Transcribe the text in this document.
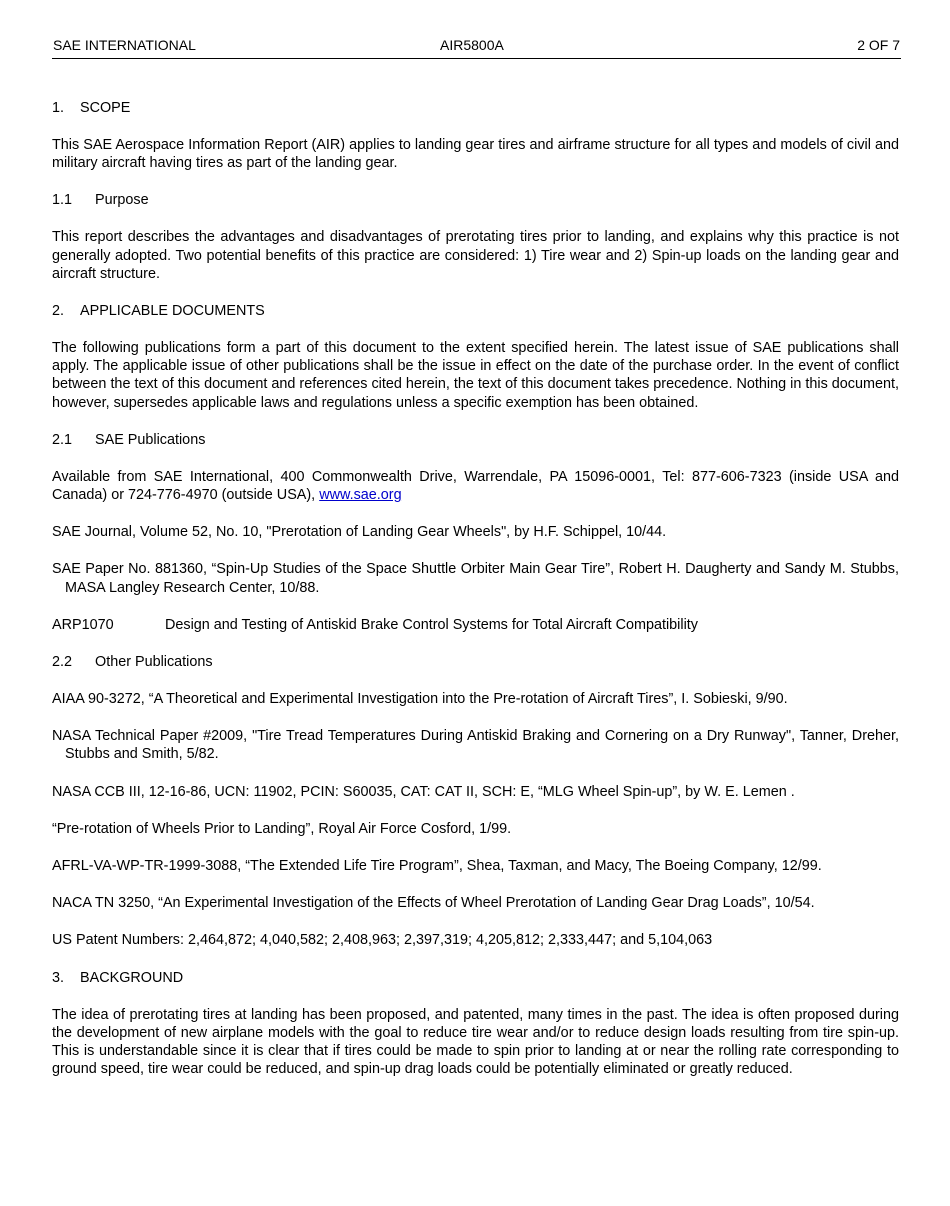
SAE INTERNATIONAL	AIR5800A	2 OF 7

1. SCOPE

This SAE Aerospace Information Report (AIR) applies to landing gear tires and airframe structure for all types and models of civil and military aircraft having tires as part of the landing gear.

1.1 Purpose

This report describes the advantages and disadvantages of prerotating tires prior to landing, and explains why this practice is not generally adopted. Two potential benefits of this practice are considered: 1) Tire wear and 2) Spin-up loads on the landing gear and aircraft structure.

2. APPLICABLE DOCUMENTS

The following publications form a part of this document to the extent specified herein. The latest issue of SAE publications shall apply. The applicable issue of other publications shall be the issue in effect on the date of the purchase order. In the event of conflict between the text of this document and references cited herein, the text of this document takes precedence. Nothing in this document, however, supersedes applicable laws and regulations unless a specific exemption has been obtained.

2.1 SAE Publications

Available from SAE International, 400 Commonwealth Drive, Warrendale, PA 15096-0001, Tel: 877-606-7323 (inside USA and Canada) or 724-776-4970 (outside USA), www.sae.org

SAE Journal, Volume 52, No. 10, "Prerotation of Landing Gear Wheels", by H.F. Schippel, 10/44.

SAE Paper No. 881360, “Spin-Up Studies of the Space Shuttle Orbiter Main Gear Tire”, Robert H. Daugherty and Sandy M. Stubbs, MASA Langley Research Center, 10/88.

ARP1070	Design and Testing of Antiskid Brake Control Systems for Total Aircraft Compatibility

2.2 Other Publications

AIAA 90-3272, “A Theoretical and Experimental Investigation into the Pre-rotation of Aircraft Tires”, I. Sobieski, 9/90.

NASA Technical Paper #2009, "Tire Tread Temperatures During Antiskid Braking and Cornering on a Dry Runway", Tanner, Dreher, Stubbs and Smith, 5/82.

NASA CCB III, 12-16-86, UCN: 11902, PCIN: S60035, CAT: CAT II, SCH: E, “MLG Wheel Spin-up”, by W. E. Lemen .

“Pre-rotation of Wheels Prior to Landing”, Royal Air Force Cosford, 1/99.

AFRL-VA-WP-TR-1999-3088, “The Extended Life Tire Program”, Shea, Taxman, and Macy, The Boeing Company, 12/99.

NACA TN 3250, “An Experimental Investigation of the Effects of Wheel Prerotation of Landing Gear Drag Loads”, 10/54.

US Patent Numbers: 2,464,872; 4,040,582; 2,408,963; 2,397,319; 4,205,812; 2,333,447; and 5,104,063

3. BACKGROUND

The idea of prerotating tires at landing has been proposed, and patented, many times in the past. The idea is often proposed during the development of new airplane models with the goal to reduce tire wear and/or to reduce design loads resulting from tire spin-up. This is understandable since it is clear that if tires could be made to spin prior to landing at or near the rolling rate corresponding to ground speed, tire wear could be reduced, and spin-up drag loads could be potentially eliminated or greatly reduced.
